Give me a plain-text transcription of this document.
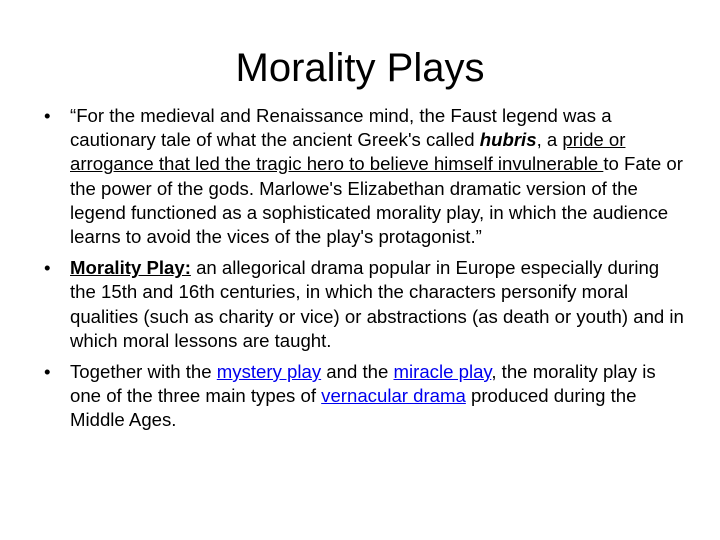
Morality Plays
•	“For the medieval and Renaissance mind, the Faust legend was a cautionary tale of what the ancient Greek's called hubris, a pride or arrogance that led the tragic hero to believe himself invulnerable to Fate or the power of the gods. Marlowe's Elizabethan dramatic version of the legend functioned as a sophisticated morality play, in which the audience learns to avoid the vices of the play's protagonist.”
•	Morality Play: an allegorical drama popular in Europe especially during the 15th and 16th centuries, in which the characters personify moral qualities (such as charity or vice) or abstractions (as death or youth) and in which moral lessons are taught.
•	Together with the mystery play and the miracle play, the morality play is one of the three main types of vernacular drama produced during the Middle Ages.
